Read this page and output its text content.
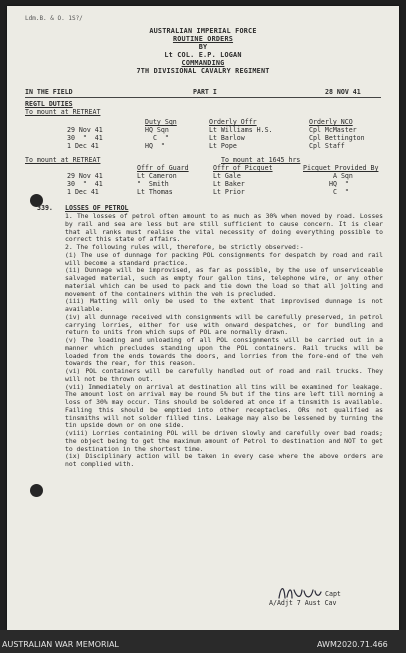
Ldm.B. & O. 1S?/
AUSTRALIAN IMPERIAL FORCE
ROUTINE ORDERS
BY
Lt COL. E.P. LOGAN
COMMANDING
7TH DIVISIONAL CAVALRY REGIMENT
IN THE FIELD	PART I	28 NOV 41
REGTL DUTIES
To mount at RETREAT
Duty Sqn	Orderly Offr	Orderly NCO
29 Nov 41	HQ Sqn	Lt Williams H.S.	Cpl McMaster
30  "  41	C  "	Lt Barlow	Cpl Bettington
1 Dec 41	HQ  "	Lt Pope	Cpl Staff
To mount at RETREAT	To mount at 1645 hrs
Offr of Guard	Offr of Picquet	Picquet Provided By
29 Nov 41	Lt Cameron	Lt Gale	A Sqn
30  "  41	"  Smith	Lt Baker	HQ  "
1 Dec 41	Lt Thomas	Lt Prior	C  "
339. LOSSES OF PETROL

1. The losses of petrol often amount to as much as 30% when moved by road. Losses by rail and sea are less but are still sufficient to cause concern. It is clear that all ranks must realise the vital necessity of doing everything possible to correct this state of affairs.

2. The following rules will, therefore, be strictly observed:-

(i) The use of dunnage for packing POL consignments for despatch by road and rail will become a standard practice.

(ii) Dunnage will be improvised, as far as possible, by the use of unserviceable salvaged material, such as empty four gallon tins, telephone wire, or any other material which can be used to pack and tie down the load so that all jolting and movement of the containers within the veh is precluded.

(iii) Matting will only be used to the extent that improvised dunnage is not available.

(iv) all dunnage received with consignments will be carefully preserved, in petrol carrying lorries, either for use with onward despatches, or for bundling and return to units from which sups of POL are normally drawn.

(v) The loading and unloading of all POL consignments will be carried out in a manner which precludes standing upon the POL containers. Rail trucks will be loaded from the ends towards the doors, and lorries from the fore-end of the veh towards the rear, for this reason.

(vi) POL containers will be carefully handled out of road and rail trucks. They will not be thrown out.

(vii) Immediately on arrival at destination all tins will be examined for leakage. The amount lost on arrival may be round 5% but if the tins are left till morning a loss of 30% may occur. Tins should be soldered at once if a tinsmith is available. Failing this should be emptied into other receptacles. ORs not qualified as tinsmiths will not solder filled tins. Leakage may also be lessened by turning the tin upside down or on one side.

(viii) Lorries containing POL will be driven slowly and carefully over bad roads; the object being to get the maximum amount of Petrol to destination and NOT to get to destination in the shortest time.

(ix) Disciplinary action will be taken in every case where the above orders are not complied with.

Capt
A/Adjt 7 Aust Cav
AUSTRALIAN WAR MEMORIAL	AWM2020.71.466
